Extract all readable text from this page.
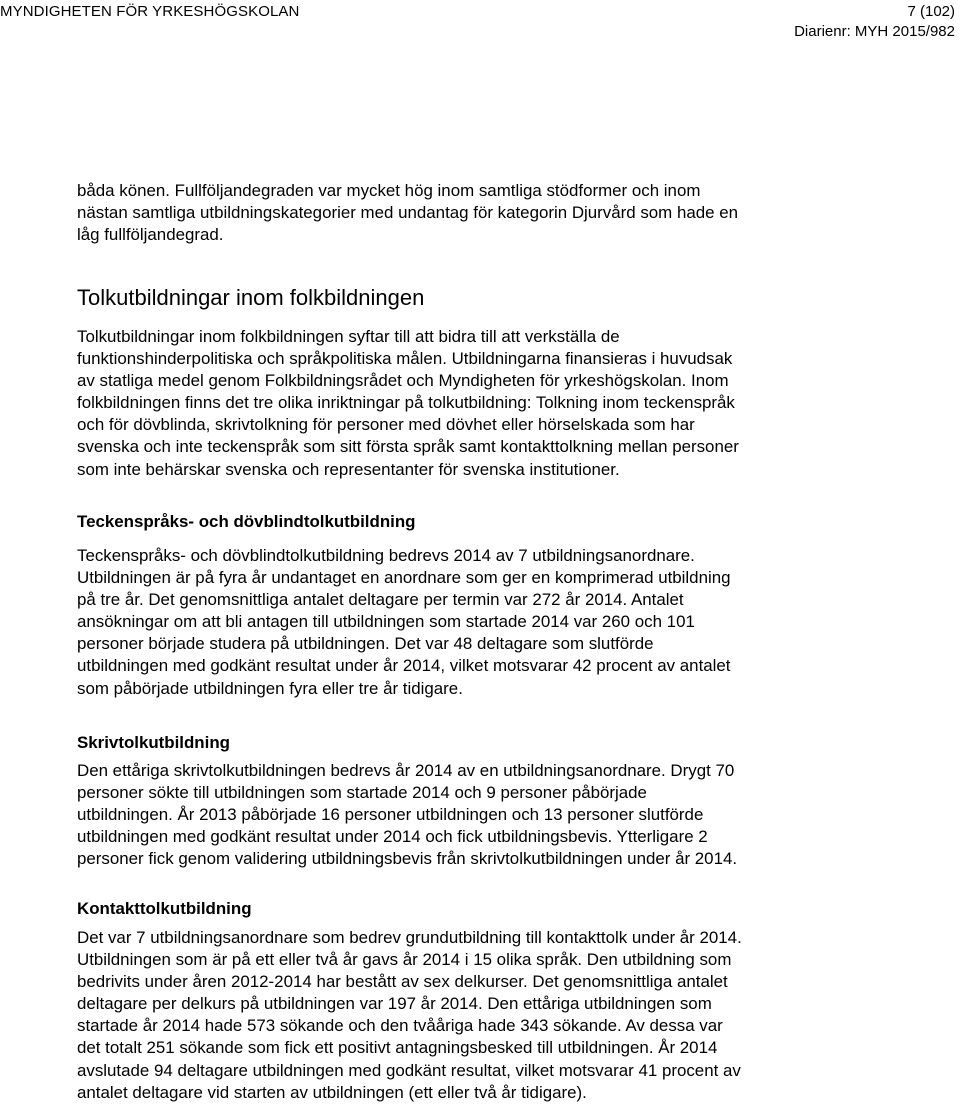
MYNDIGHETEN FÖR YRKESHÖGSKOLAN	7 (102)
Diarienr: MYH 2015/982

båda könen. Fullföljandegraden var mycket hög inom samtliga stödformer och inom
nästan samtliga utbildningskategorier med undantag för kategorin Djurvård som hade en
låg fullföljandegrad.

Tolkutbildningar inom folkbildningen

Tolkutbildningar inom folkbildningen syftar till att bidra till att verkställa de
funktionshinderpolitiska och språkpolitiska målen. Utbildningarna finansieras i huvudsak
av statliga medel genom Folkbildningsrådet och Myndigheten för yrkeshögskolan. Inom
folkbildningen finns det tre olika inriktningar på tolkutbildning: Tolkning inom teckenspråk
och för dövblinda, skrivtolkning för personer med dövhet eller hörselskada som har
svenska och inte teckenspråk som sitt första språk samt kontakttolkning mellan personer
som inte behärskar svenska och representanter för svenska institutioner.

Teckenspråks- och dövblindtolkutbildning

Teckenspråks- och dövblindtolkutbildning bedrevs 2014 av 7 utbildningsanordnare.
Utbildningen är på fyra år undantaget en anordnare som ger en komprimerad utbildning
på tre år. Det genomsnittliga antalet deltagare per termin var 272 år 2014. Antalet
ansökningar om att bli antagen till utbildningen som startade 2014 var 260 och 101
personer började studera på utbildningen. Det var 48 deltagare som slutförde
utbildningen med godkänt resultat under år 2014, vilket motsvarar 42 procent av antalet
som påbörjade utbildningen fyra eller tre år tidigare.

Skrivtolkutbildning

Den ettåriga skrivtolkutbildningen bedrevs år 2014 av en utbildningsanordnare. Drygt 70
personer sökte till utbildningen som startade 2014 och 9 personer påbörjade
utbildningen. År 2013 påbörjade 16 personer utbildningen och 13 personer slutförde
utbildningen med godkänt resultat under 2014 och fick utbildningsbevis. Ytterligare 2
personer fick genom validering utbildningsbevis från skrivtolkutbildningen under år 2014.

Kontakttolkutbildning

Det var 7 utbildningsanordnare som bedrev grundutbildning till kontakttolk under år 2014.
Utbildningen som är på ett eller två år gavs år 2014 i 15 olika språk. Den utbildning som
bedrivits under åren 2012-2014 har bestått av sex delkurser. Det genomsnittliga antalet
deltagare per delkurs på utbildningen var 197 år 2014. Den ettåriga utbildningen som
startade år 2014 hade 573 sökande och den tvååriga hade 343 sökande. Av dessa var
det totalt 251 sökande som fick ett positivt antagningsbesked till utbildningen. År 2014
avslutade 94 deltagare utbildningen med godkänt resultat, vilket motsvarar 41 procent av
antalet deltagare vid starten av utbildningen (ett eller två år tidigare).
